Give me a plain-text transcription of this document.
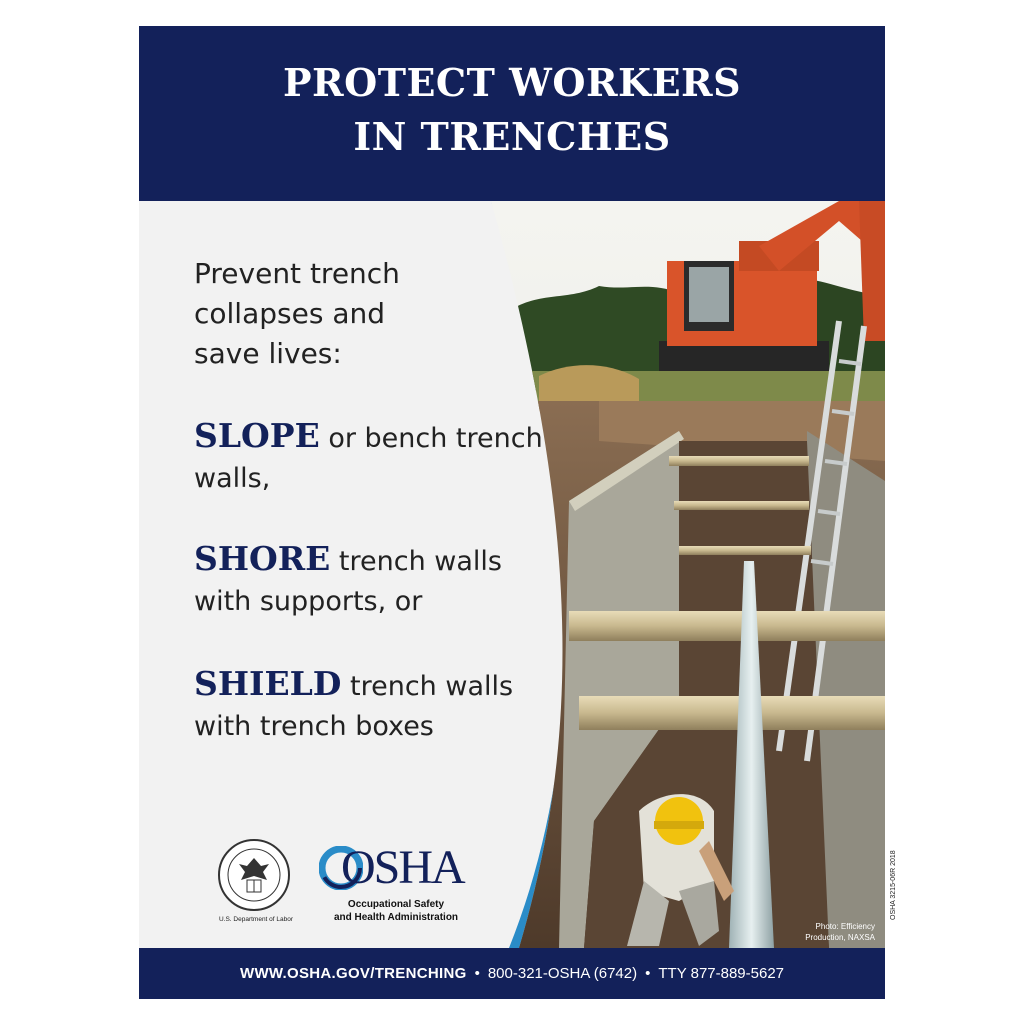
PROTECT WORKERS
IN TRENCHES

Prevent trench
collapses and
save lives:

SLOPE or bench trench walls,

SHORE trench walls with supports, or

SHIELD trench walls with trench boxes

U.S. Department of Labor
OSHA
Occupational Safety
and Health Administration
Photo: Efficiency
Production, NAXSA
WWW.OSHA.GOV/TRENCHING • 800-321-OSHA (6742) • TTY 877-889-5627
OSHA 3215-06R 2018
